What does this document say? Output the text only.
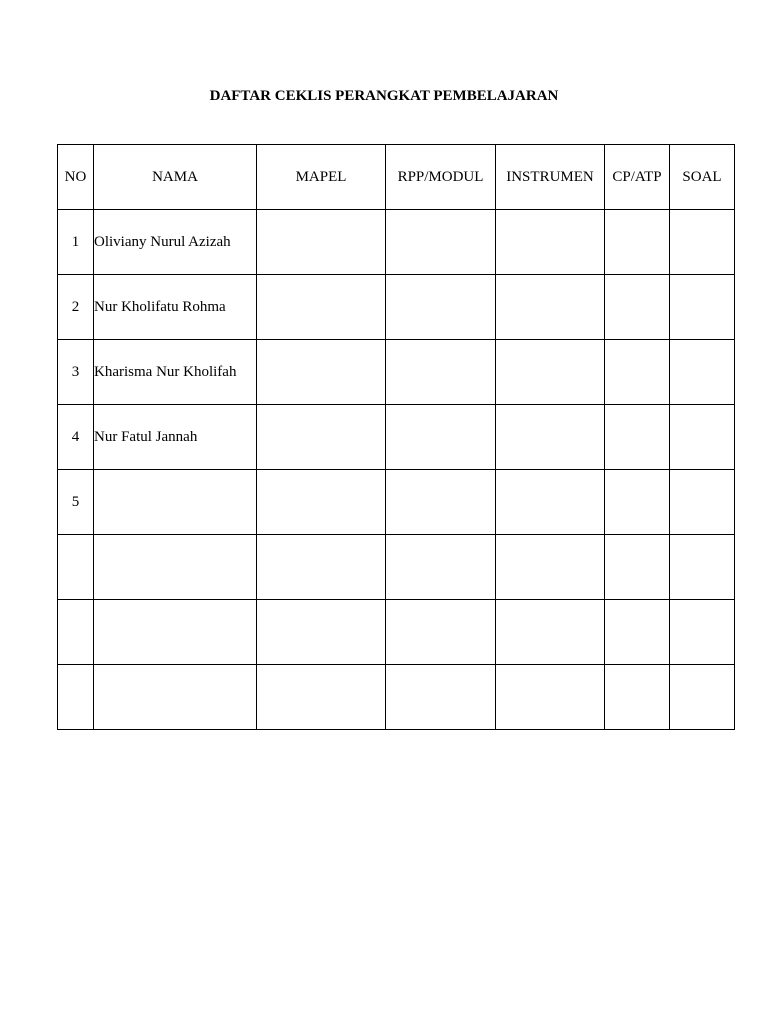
DAFTAR CEKLIS PERANGKAT PEMBELAJARAN
NO	NAMA	MAPEL	RPP/MODUL	INSTRUMEN	CP/ATP	SOAL
1	Oliviany Nurul Azizah					
2	Nur Kholifatu Rohma					
3	Kharisma Nur Kholifah					
4	Nur Fatul Jannah					
5						
